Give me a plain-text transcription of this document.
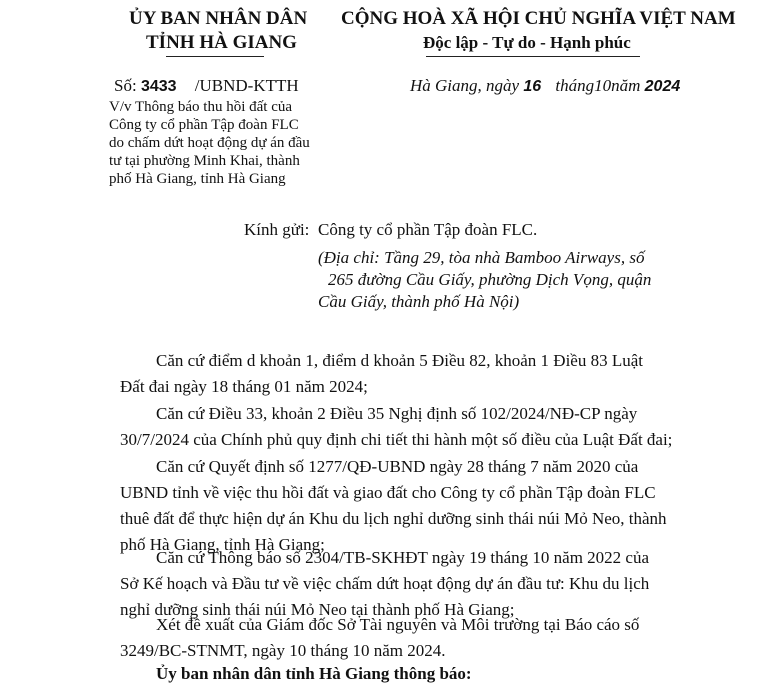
ỦY BAN NHÂN DÂN
TỈNH HÀ GIANG
CỘNG HOÀ XÃ HỘI CHỦ NGHĨA VIỆT NAM
Độc lập - Tự do - Hạnh phúc
Số: 3433 /UBND-KTTH	Hà Giang, ngày 16 tháng10năm 2024
V/v Thông báo thu hồi đất của
Công ty cổ phần Tập đoàn FLC
do chấm dứt hoạt động dự án đầu
tư tại phường Minh Khai, thành
phố Hà Giang, tỉnh Hà Giang
Kính gửi: Công ty cổ phần Tập đoàn FLC.
(Địa chỉ: Tầng 29, tòa nhà Bamboo Airways, số
265 đường Cầu Giấy, phường Dịch Vọng, quận
Cầu Giấy, thành phố Hà Nội)

Căn cứ điểm d khoản 1, điểm d khoản 5 Điều 82, khoản 1 Điều 83 Luật

Đất đai ngày 18 tháng 01 năm 2024;

Căn cứ Điều 33, khoản 2 Điều 35 Nghị định số 102/2024/NĐ-CP ngày

30/7/2024 của Chính phủ quy định chi tiết thi hành một số điều của Luật Đất đai;

Căn cứ Quyết định số 1277/QĐ-UBND ngày 28 tháng 7 năm 2020 của

UBND tỉnh về việc thu hồi đất và giao đất cho Công ty cổ phần Tập đoàn FLC

thuê đất để thực hiện dự án Khu du lịch nghỉ dưỡng sinh thái núi Mỏ Neo, thành

phố Hà Giang, tỉnh Hà Giang;

Căn cứ Thông báo số 2304/TB-SKHĐT ngày 19 tháng 10 năm 2022 của

Sở Kế hoạch và Đầu tư về việc chấm dứt hoạt động dự án đầu tư: Khu du lịch

nghỉ dưỡng sinh thái núi Mỏ Neo tại thành phố Hà Giang;

Xét đề xuất của Giám đốc Sở Tài nguyên và Môi trường tại Báo cáo số

3249/BC-STNMT, ngày 10 tháng 10 năm 2024.

Ủy ban nhân dân tỉnh Hà Giang thông báo:
